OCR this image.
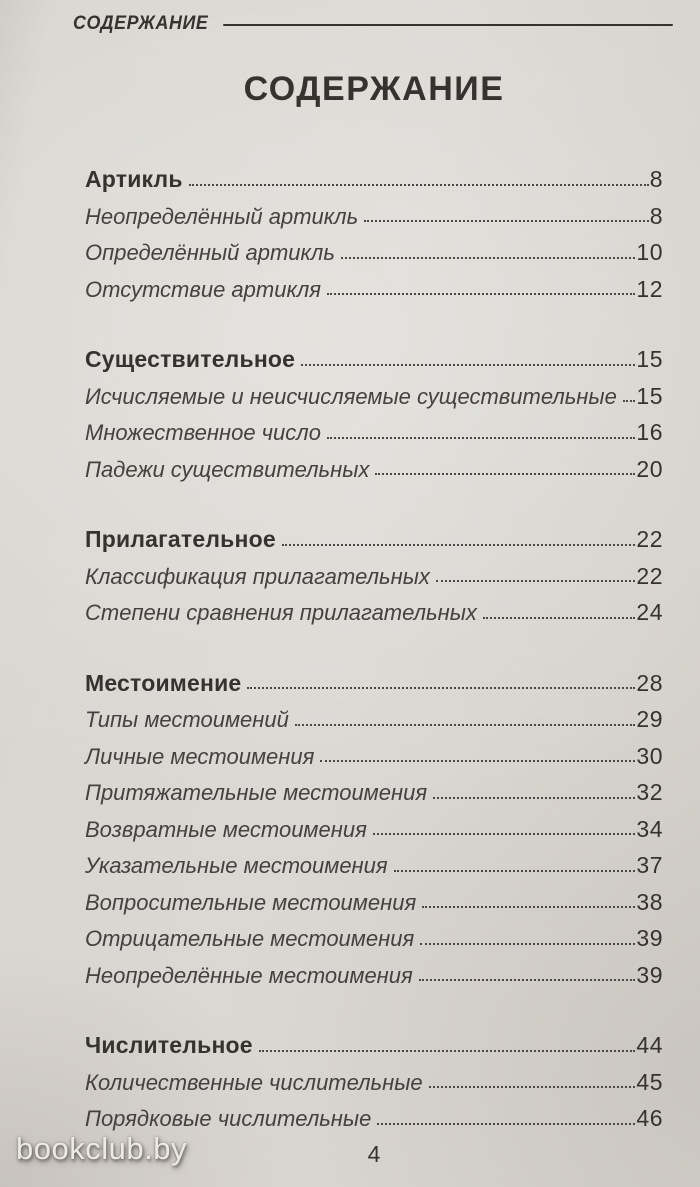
СОДЕРЖАНИЕ
СОДЕРЖАНИЕ
Артикль	8
Неопределённый артикль	8
Определённый артикль	10
Отсутствие артикля	12
Существительное	15
Исчисляемые и неисчисляемые существительные 15
Множественное число	16
Падежи существительных	20
Прилагательное	22
Классификация прилагательных	22
Степени сравнения прилагательных	24
Местоимение	28
Типы местоимений	29
Личные местоимения	30
Притяжательные местоимения	32
Возвратные местоимения	34
Указательные местоимения	37
Вопросительные местоимения	38
Отрицательные местоимения	39
Неопределённые местоимения	39
Числительное	44
Количественные числительные	45
Порядковые числительные	46
bookclub.by	4
